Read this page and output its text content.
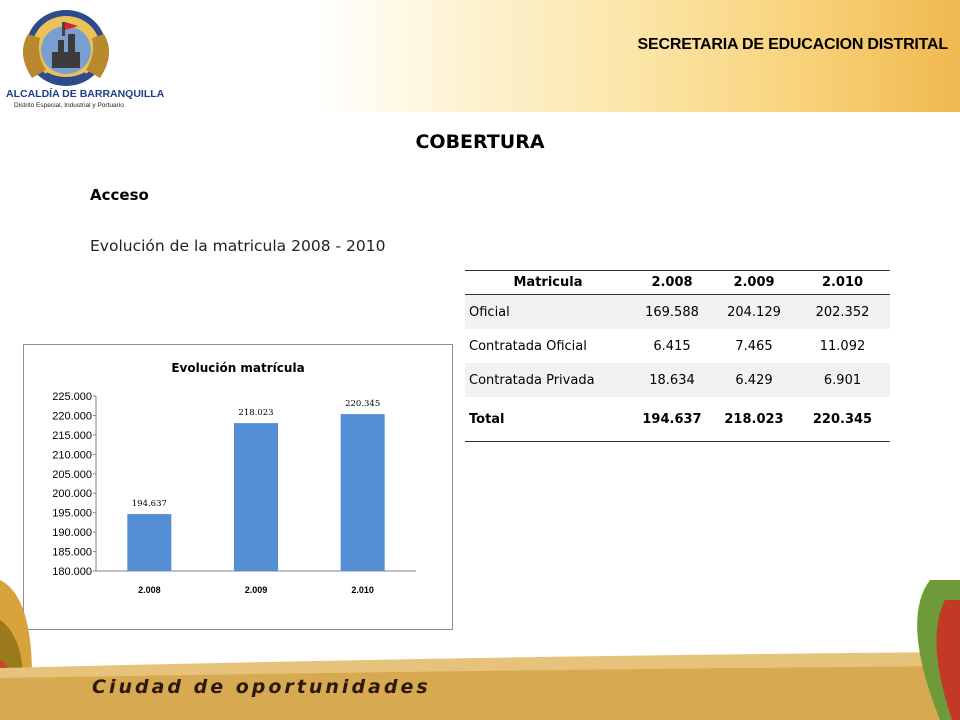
ALCALDÍA DE BARRANQUILLA
Distrito Especial, Industrial y Portuario
SECRETARIA DE EDUCACION DISTRITAL
COBERTURA
Acceso
Evolución de la matricula 2008 - 2010
Matricula	2.008	2.009	2.010
Oficial	169.588	204.129	202.352
Contratada Oficial	6.415	7.465	11.092
Contratada Privada	18.634	6.429	6.901
Total	194.637	218.023	220.345
Evolución matrícula
180.000
185.000
190.000
195.000
200.000
205.000
210.000
215.000
220.000
225.000
194.637
2.008
218.023
2.009
220.345
2.010
Ciudad de oportunidades
